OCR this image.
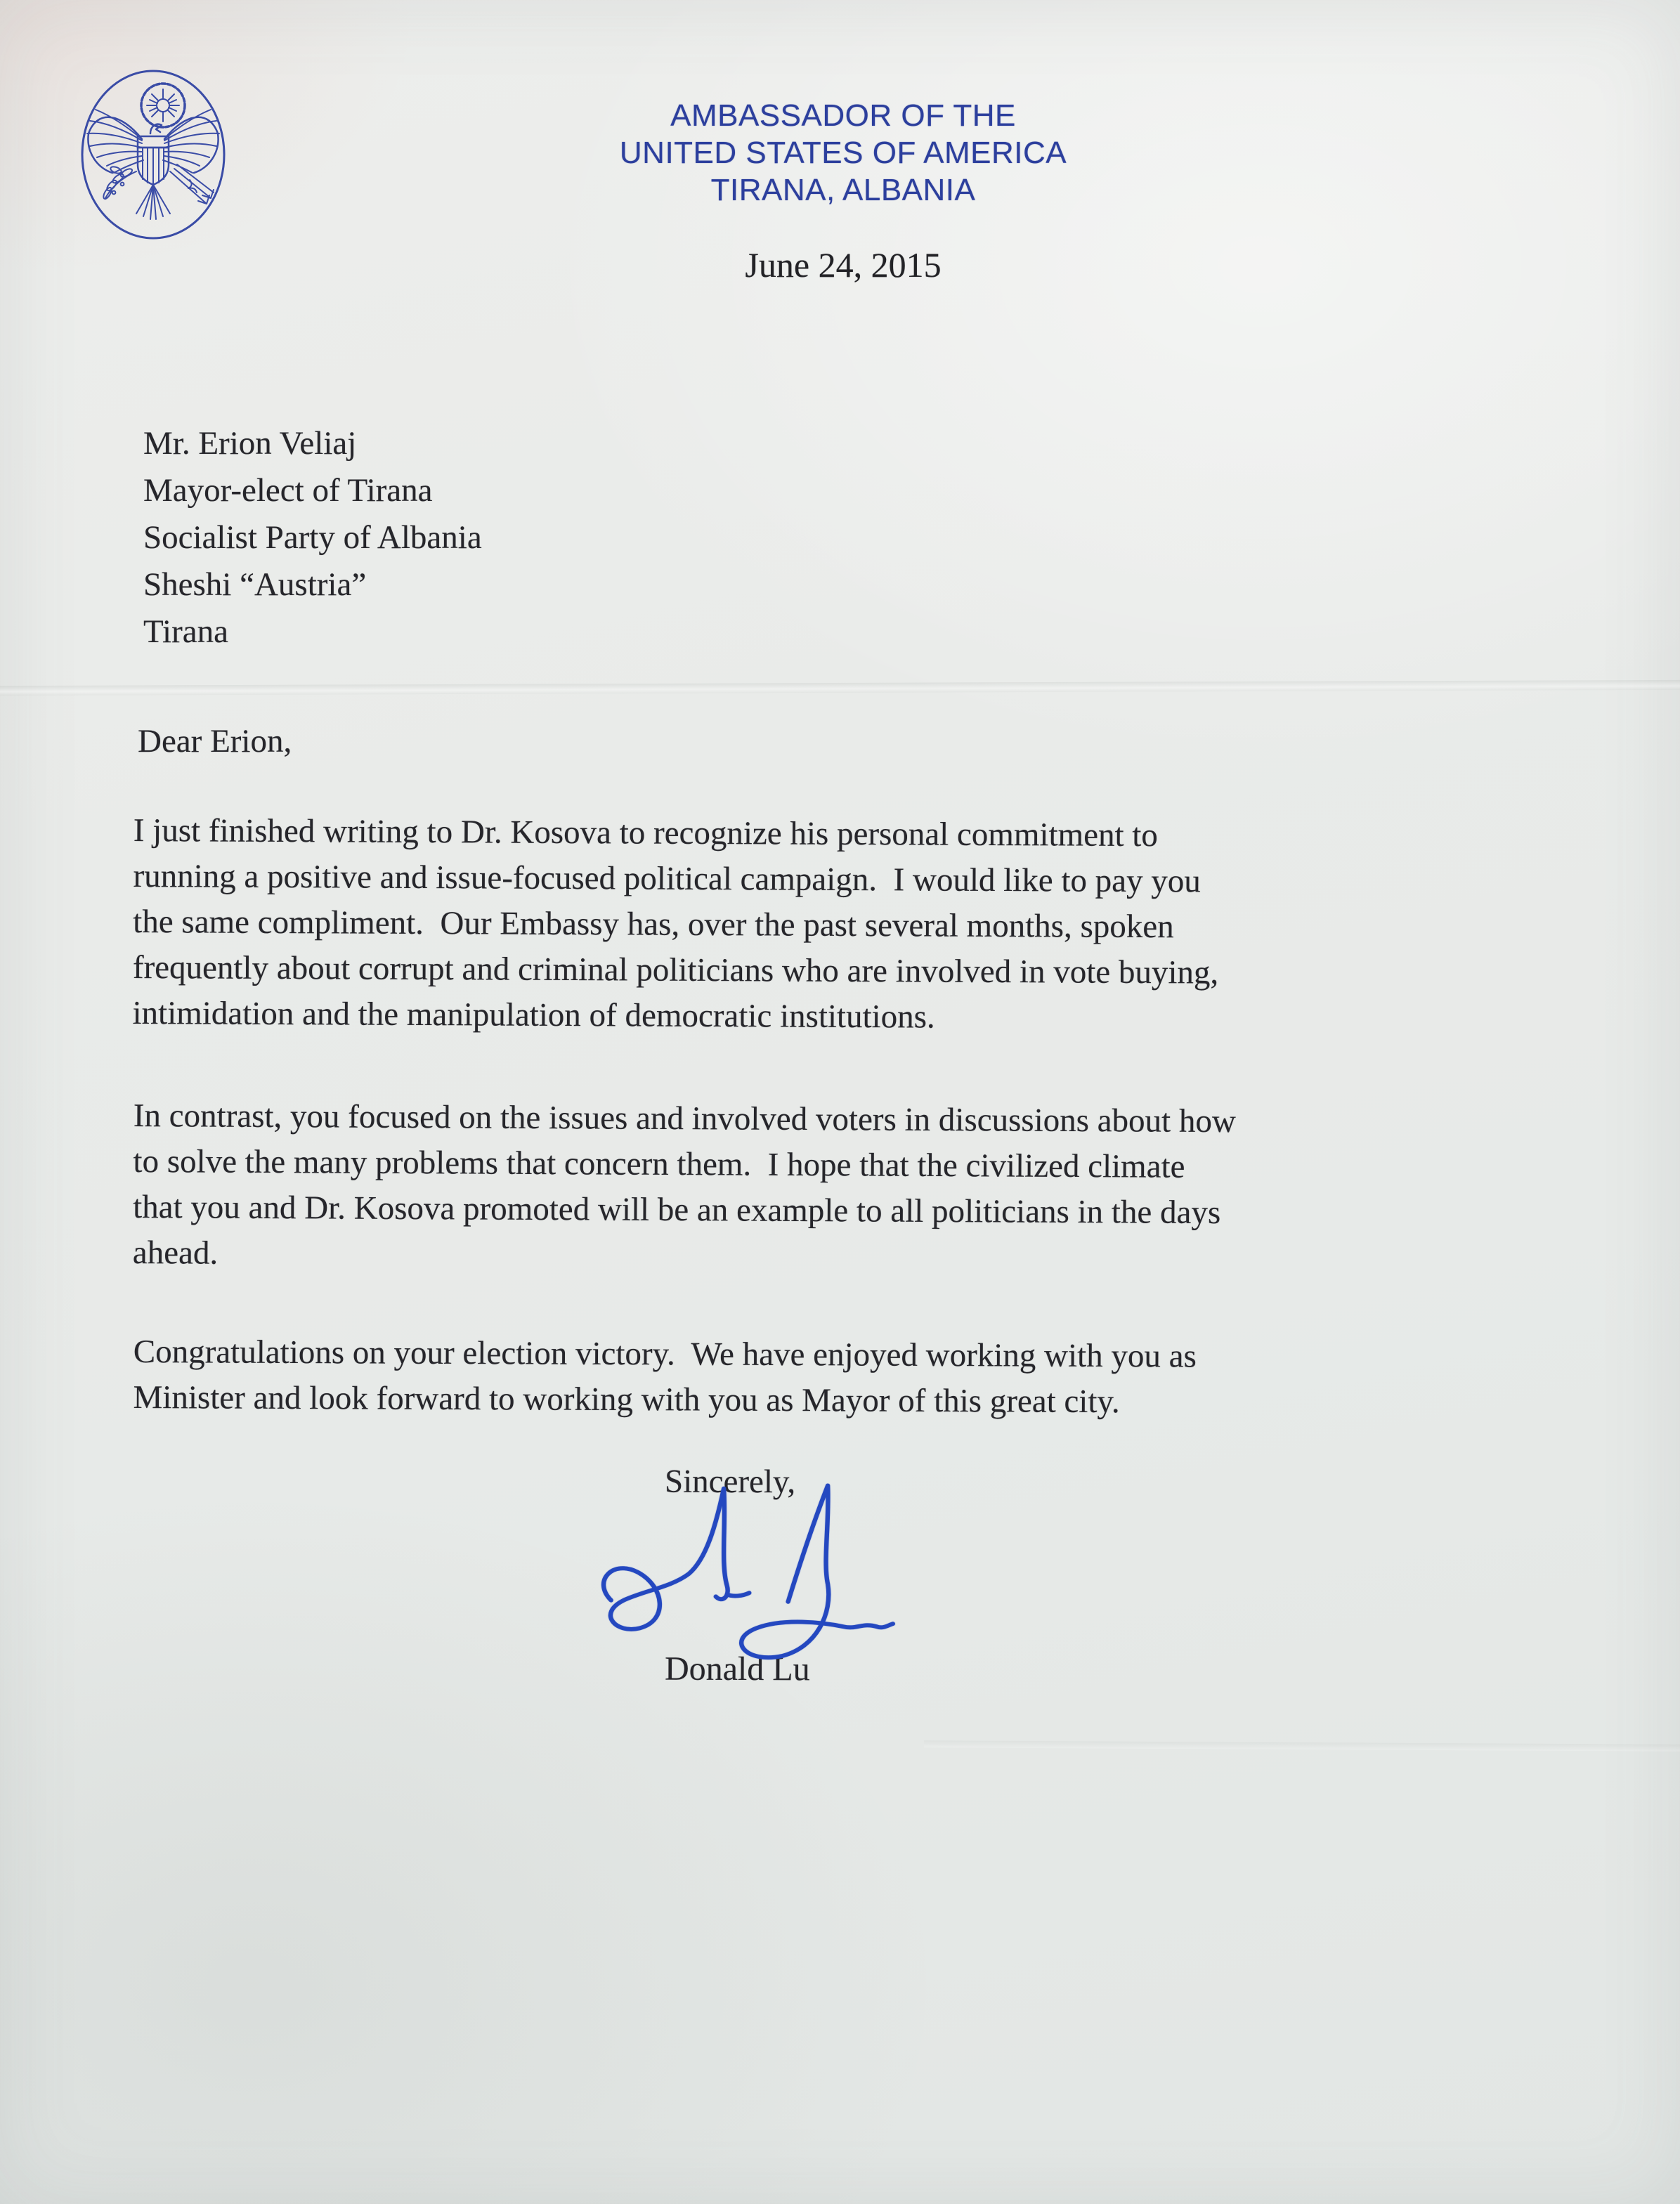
AMBASSADOR OF THE
UNITED STATES OF AMERICA
TIRANA, ALBANIA
June 24, 2015
Mr. Erion Veliaj
Mayor-elect of Tirana
Socialist Party of Albania
Sheshi “Austria”
Tirana
Dear Erion,
I just finished writing to Dr. Kosova to recognize his personal commitment to
running a positive and issue-focused political campaign.  I would like to pay you
the same compliment.  Our Embassy has, over the past several months, spoken
frequently about corrupt and criminal politicians who are involved in vote buying,
intimidation and the manipulation of democratic institutions.
In contrast, you focused on the issues and involved voters in discussions about how
to solve the many problems that concern them.  I hope that the civilized climate
that you and Dr. Kosova promoted will be an example to all politicians in the days
ahead.
Congratulations on your election victory.  We have enjoyed working with you as
Minister and look forward to working with you as Mayor of this great city.
Sincerely,
Donald Lu
